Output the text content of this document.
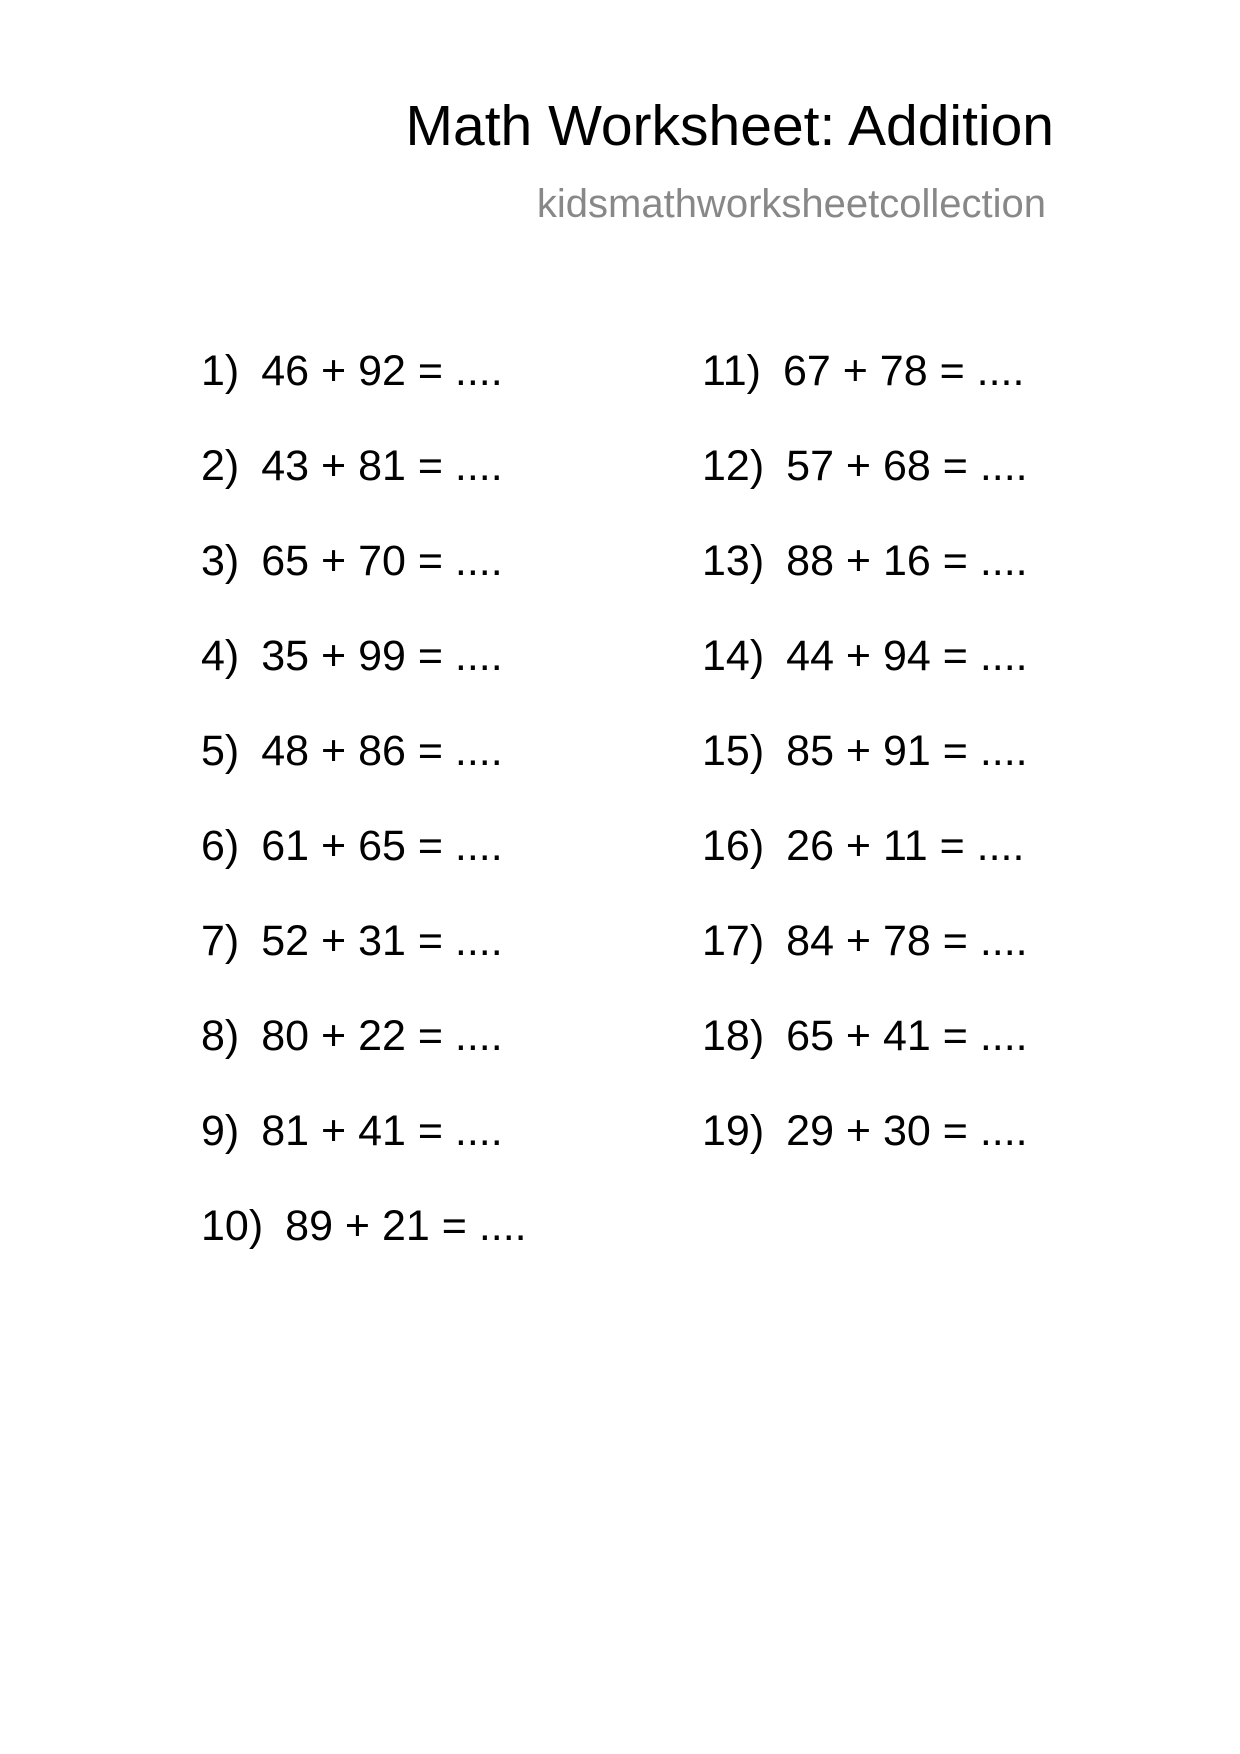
Math Worksheet: Addition
kidsmathworksheetcollection
1) 46 + 92 = ....
2) 43 + 81 = ....
3) 65 + 70 = ....
4) 35 + 99 = ....
5) 48 + 86 = ....
6) 61 + 65 = ....
7) 52 + 31 = ....
8) 80 + 22 = ....
9) 81 + 41 = ....
10) 89 + 21 = ....
11) 67 + 78 = ....
12) 57 + 68 = ....
13) 88 + 16 = ....
14) 44 + 94 = ....
15) 85 + 91 = ....
16) 26 + 11 = ....
17) 84 + 78 = ....
18) 65 + 41 = ....
19) 29 + 30 = ....
